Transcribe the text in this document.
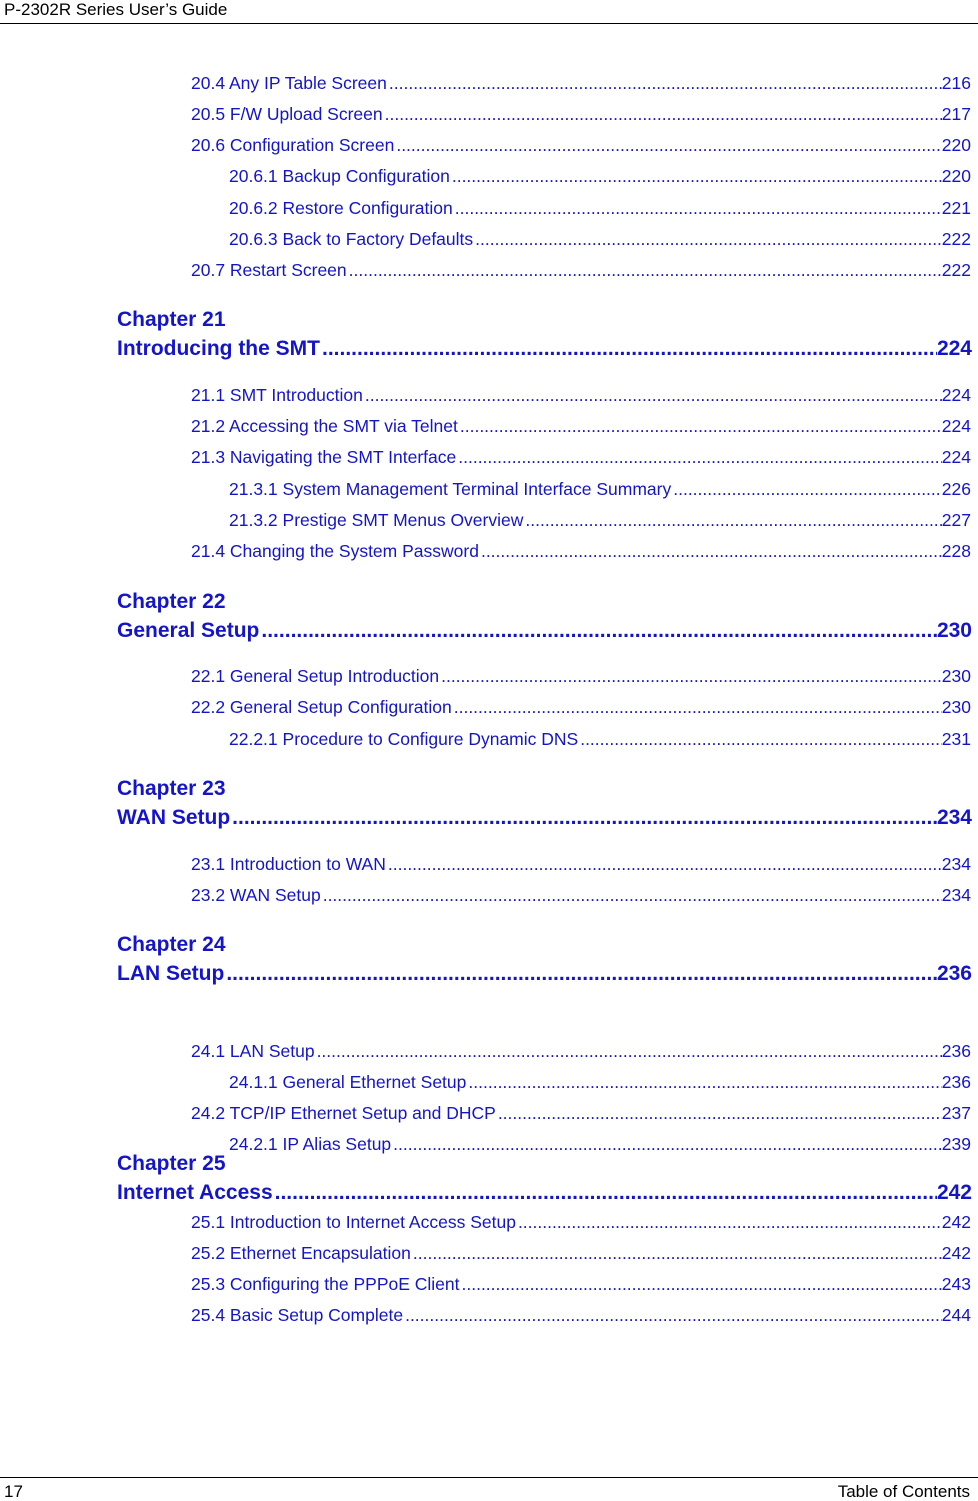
P-2302R Series User’s Guide
20.4 Any IP Table Screen .....	216
20.5 F/W Upload Screen .....	217
20.6 Configuration Screen .....	220
20.6.1 Backup Configuration .....	220
20.6.2 Restore Configuration .....	221
20.6.3 Back to Factory Defaults .....	222
20.7 Restart Screen .....	222
Chapter 21
Introducing the SMT .....	224
21.1 SMT Introduction .....	224
21.2 Accessing the SMT via Telnet .....	224
21.3 Navigating the SMT Interface .....	224
21.3.1 System Management Terminal Interface Summary .....	226
21.3.2 Prestige SMT Menus Overview .....	227
21.4 Changing the System Password .....	228
Chapter 22
General Setup .....	230
22.1 General Setup Introduction .....	230
22.2 General Setup Configuration .....	230
22.2.1 Procedure to Configure Dynamic DNS .....	231
Chapter 23
WAN Setup .....	234
23.1 Introduction to WAN .....	234
23.2 WAN Setup .....	234
Chapter 24
LAN Setup .....	236
24.1 LAN Setup .....	236
24.1.1 General Ethernet Setup .....	236
24.2 TCP/IP Ethernet Setup and DHCP .....	237
24.2.1 IP Alias Setup .....	239
Chapter 25
Internet Access .....	242
25.1 Introduction to Internet Access Setup .....	242
25.2 Ethernet Encapsulation .....	242
25.3 Configuring the PPPoE Client .....	243
25.4 Basic Setup Complete .....	244
17	Table of Contents
